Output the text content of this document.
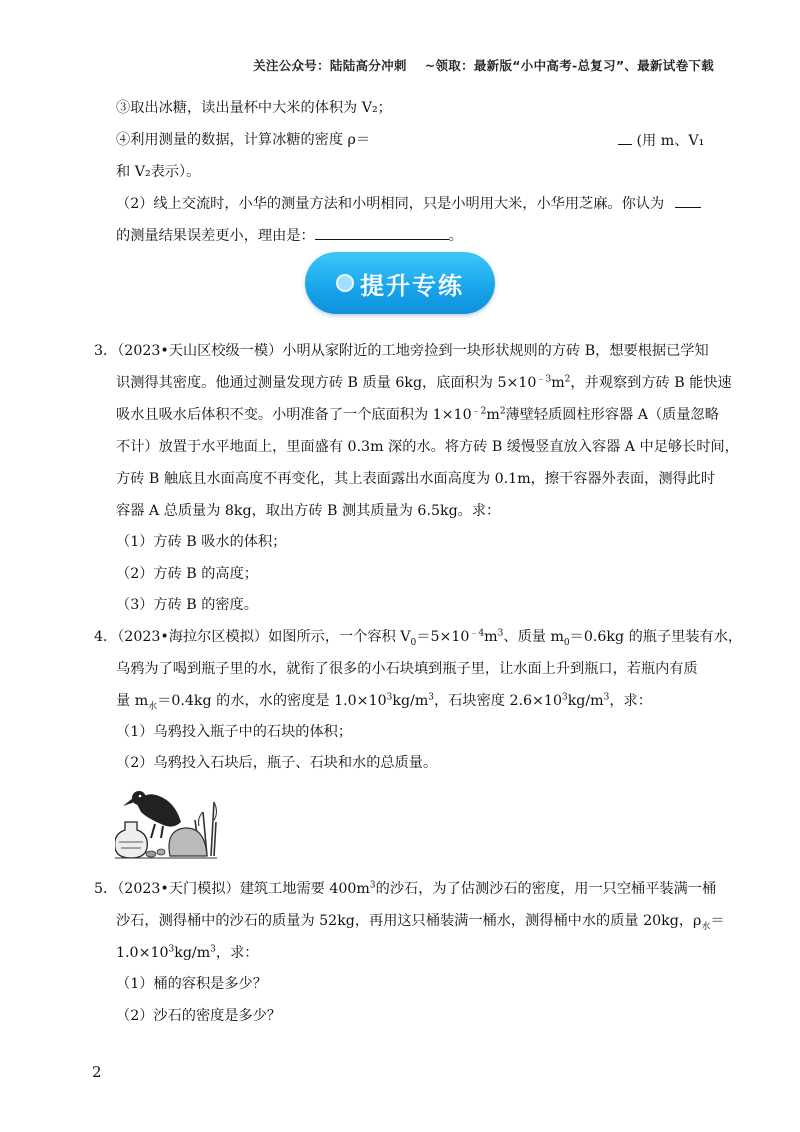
关注公众号：陆陆高分冲刺 ~领取：最新版“小中高考-总复习”、最新试卷下载
③取出冰糖，读出量杯中大米的体积为 V₂；
④利用测量的数据，计算冰糖的密度 ρ＝	(用 m、V₁
和 V₂表示）。
（2）线上交流时，小华的测量方法和小明相同，只是小明用大米，小华用芝麻。你认为
的测量结果误差更小，理由是：	。
提升专练
3．（2023•天山区校级一模）小明从家附近的工地旁捡到一块形状规则的方砖 B，想要根据已学知
识测得其密度。他通过测量发现方砖 B 质量 6kg，底面积为 $5\times 10^{﹣3}m^2$，并观察到方砖 B 能快速
吸水且吸水后体积不变。小明准备了一个底面积为 $1\times 10^{﹣2}m^2$薄壁轻质圆柱形容器 A（质量忽略
不计）放置于水平地面上，里面盛有 0.3m 深的水。将方砖 B 缓慢竖直放入容器 A 中足够长时间，
方砖 B 触底且水面高度不再变化，其上表面露出水面高度为 0.1m，擦干容器外表面，测得此时
容器 A 总质量为 8kg，取出方砖 B 测其质量为 6.5kg。求：
（1）方砖 B 吸水的体积；
（2）方砖 B 的高度；
（3）方砖 B 的密度。
4．（2023•海拉尔区模拟）如图所示，一个容积 $V_0=5\times 10^{﹣4}m^3$、质量 $m_0=0.6kg$ 的瓶子里装有水，
乌鸦为了喝到瓶子里的水，就衔了很多的小石块填到瓶子里，让水面上升到瓶口，若瓶内有质
量 $m_水=0.4kg$ 的水，水的密度是 $1.0\times 10^3kg/m^3$，石块密度 $2.6\times 10^3kg/m^3$，求：
（1）乌鸦投入瓶子中的石块的体积；
（2）乌鸦投入石块后，瓶子、石块和水的总质量。
5．（2023•天门模拟）建筑工地需要 $400m^3$的沙石，为了估测沙石的密度，用一只空桶平装满一桶
沙石，测得桶中的沙石的质量为 52kg，再用这只桶装满一桶水，测得桶中水的质量 20kg，$\rho_水=$
$1.0\times 10^3kg/m^3$，求：
（1）桶的容积是多少？
（2）沙石的密度是多少？
2
